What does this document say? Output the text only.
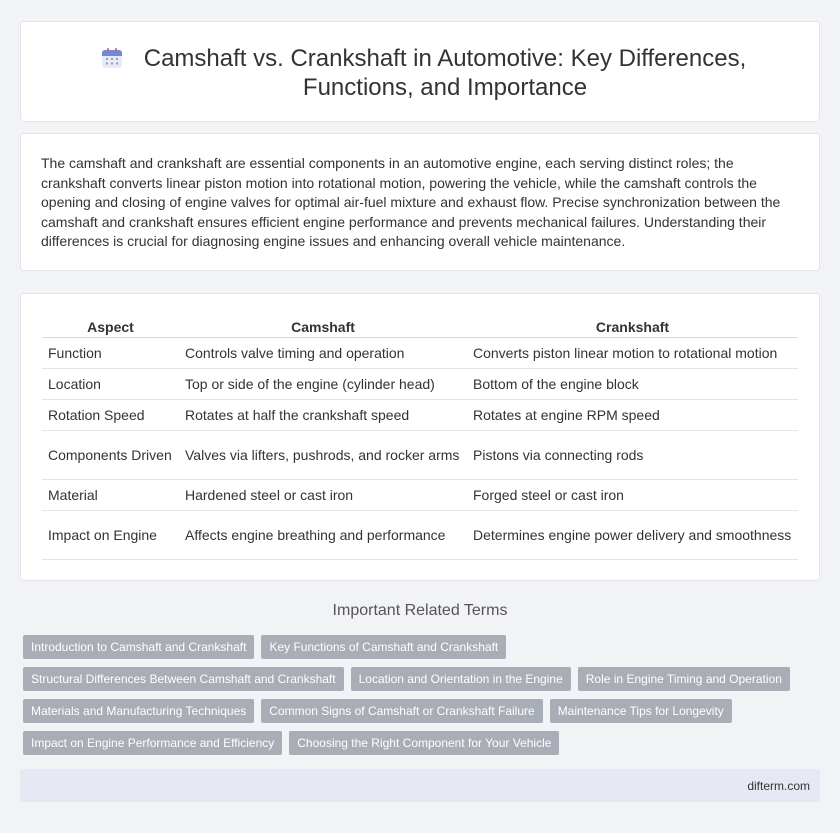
Camshaft vs. Crankshaft in Automotive: Key Differences, Functions, and Importance

The camshaft and crankshaft are essential components in an automotive engine, each serving distinct roles; the crankshaft converts linear piston motion into rotational motion, powering the vehicle, while the camshaft controls the opening and closing of engine valves for optimal air-fuel mixture and exhaust flow. Precise synchronization between the camshaft and crankshaft ensures efficient engine performance and prevents mechanical failures. Understanding their differences is crucial for diagnosing engine issues and enhancing overall vehicle maintenance.

Aspect	Camshaft	Crankshaft
Function	Controls valve timing and operation	Converts piston linear motion to rotational motion
Location	Top or side of the engine (cylinder head)	Bottom of the engine block
Rotation Speed	Rotates at half the crankshaft speed	Rotates at engine RPM speed
Components Driven	Valves via lifters, pushrods, and rocker arms	Pistons via connecting rods
Material	Hardened steel or cast iron	Forged steel or cast iron
Impact on Engine	Affects engine breathing and performance	Determines engine power delivery and smoothness
Important Related Terms
Introduction to Camshaft and Crankshaft	Key Functions of Camshaft and Crankshaft
Structural Differences Between Camshaft and Crankshaft	Location and Orientation in the Engine	Role in Engine Timing and Operation
Materials and Manufacturing Techniques	Common Signs of Camshaft or Crankshaft Failure	Maintenance Tips for Longevity
Impact on Engine Performance and Efficiency	Choosing the Right Component for Your Vehicle
difterm.com
